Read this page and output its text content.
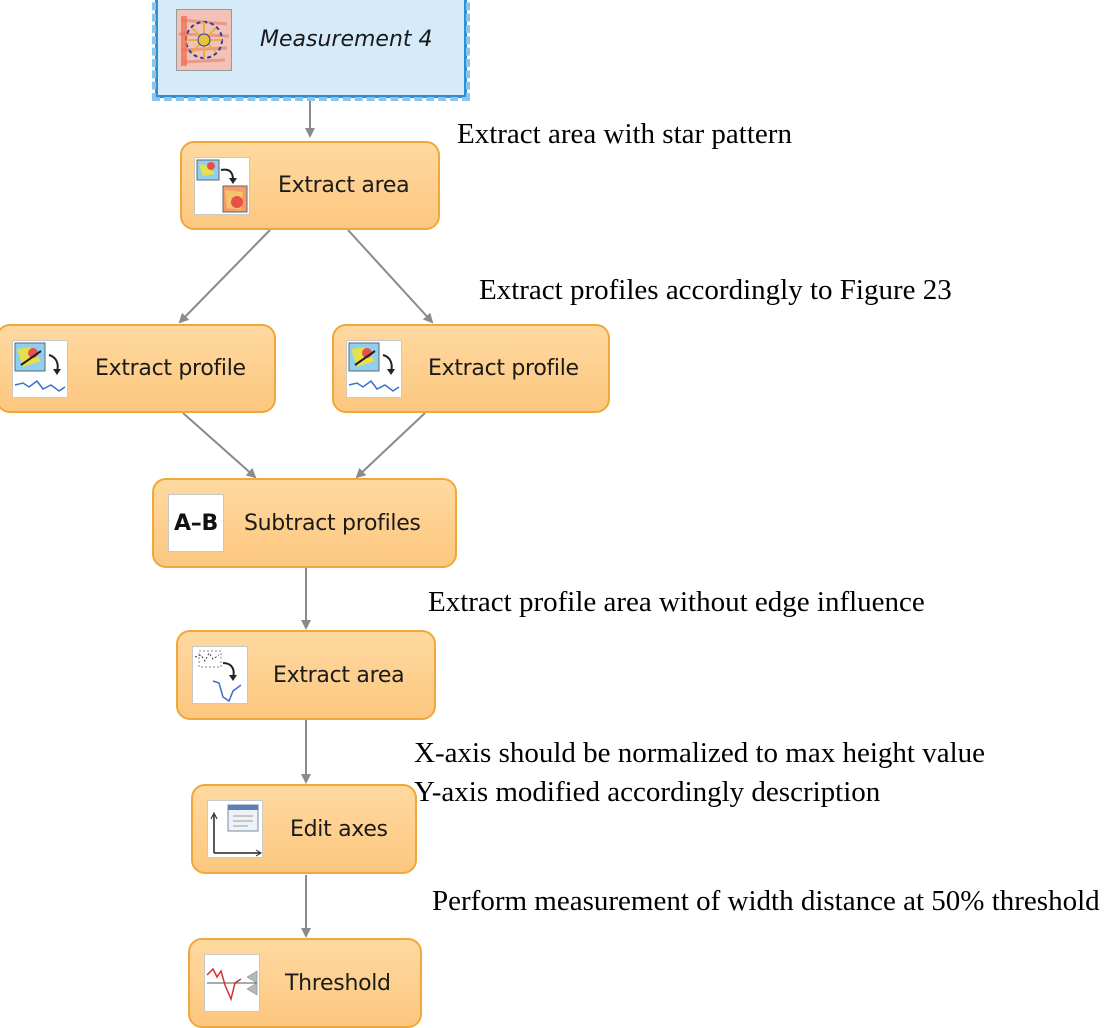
Measurement 4
Extract area
Extract profile	Extract profile
A–B Subtract profiles
Extract area
Edit axes
Threshold
Extract area with star pattern
Extract profiles accordingly to Figure 23
Extract profile area without edge influence
X-axis should be normalized to max height value
Y-axis modified accordingly description
Perform measurement of width distance at 50% threshold
